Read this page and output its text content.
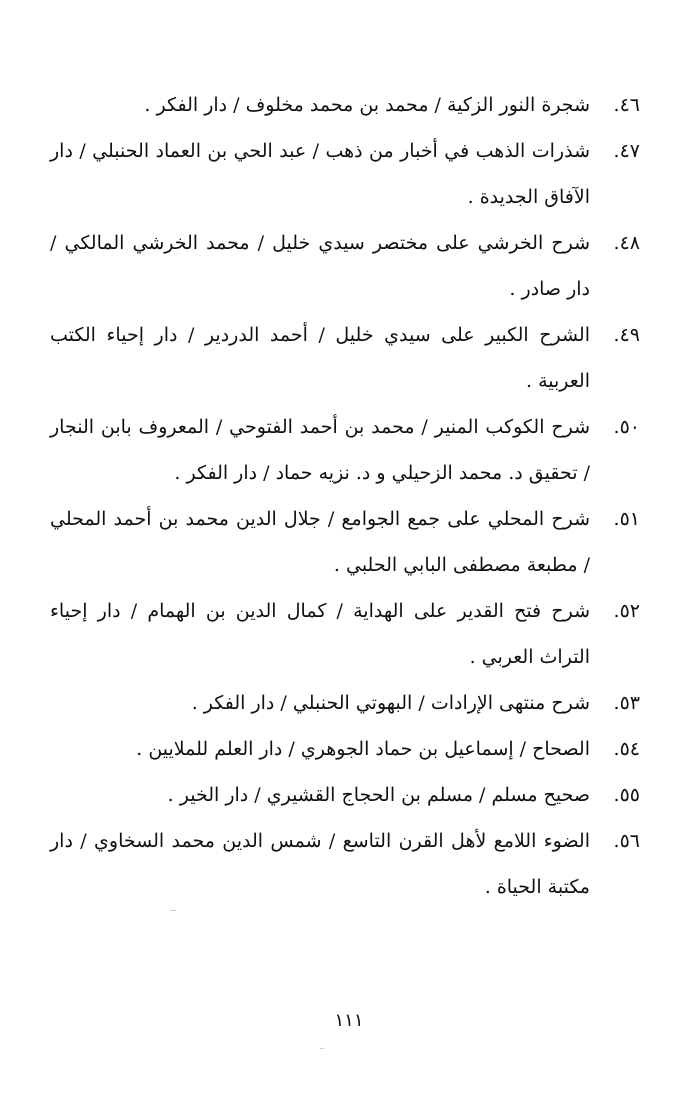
٤٦.
شجرة النور الزكية / محمد بن محمد مخلوف / دار الفكر .
٤٧.
شذرات الذهب في أخبار من ذهب / عبد الحي بن العماد الحنبلي / دار الآفاق الجديدة .
٤٨.
شرح الخرشي على مختصر سيدي خليل / محمد الخرشي المالكي / دار صادر .
٤٩.
الشرح الكبير على سيدي خليل / أحمد الدردير / دار إحياء الكتب العربية .
٥٠.
شرح الكوكب المنير / محمد بن أحمد الفتوحي / المعروف بابن النجار / تحقيق د. محمد الزحيلي و د. نزيه حماد / دار الفكر .
٥١.
شرح المحلي على جمع الجوامع / جلال الدين محمد بن أحمد المحلي / مطبعة مصطفى البابي الحلبي .
٥٢.
شرح فتح القدير على الهداية / كمال الدين بن الهمام / دار إحياء التراث العربي .
٥٣.
شرح منتهى الإرادات / البهوتي الحنبلي / دار الفكر .
٥٤.
الصحاح / إسماعيل بن حماد الجوهري / دار العلم للملايين .
٥٥.
صحيح مسلم / مسلم بن الحجاج القشيري / دار الخير .
٥٦.
الضوء اللامع لأهل القرن التاسع / شمس الدين محمد السخاوي / دار مكتبة الحياة .
١١١
